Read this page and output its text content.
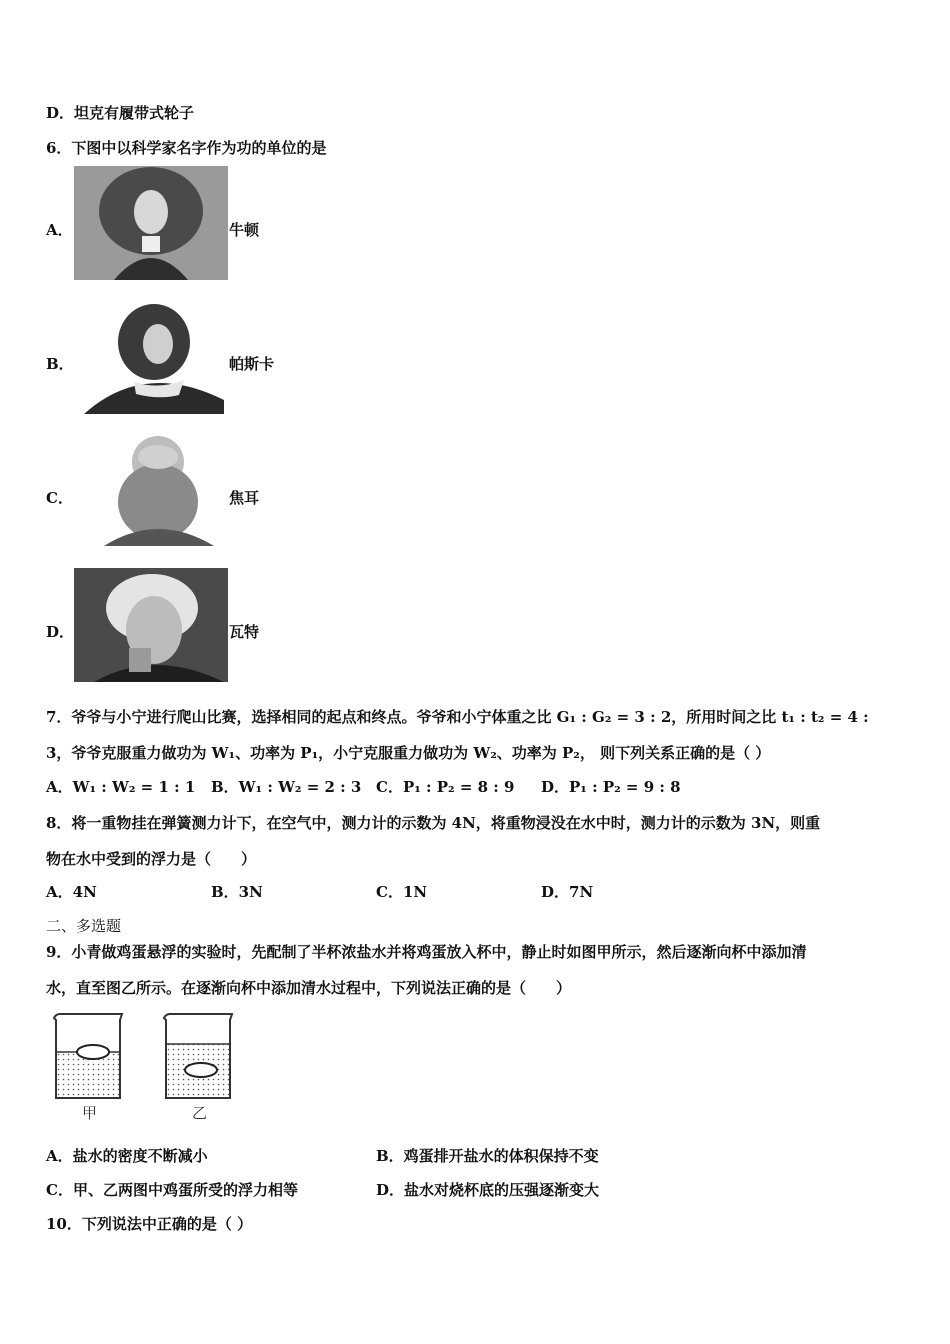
D．坦克有履带式轮子
6．下图中以科学家名字作为功的单位的是
A．	牛顿
B．	帕斯卡
C．	焦耳
D．	瓦特
7．爷爷与小宁进行爬山比赛，选择相同的起点和终点。爷爷和小宁体重之比 G₁ : G₂ = 3 : 2，所用时间之比 t₁ : t₂ = 4 :
3，爷爷克服重力做功为 W₁、功率为 P₁，小宁克服重力做功为 W₂、功率为 P₂， 则下列关系正确的是（ ）
A．W₁ : W₂ = 1 : 1 B．W₁ : W₂ = 2 : 3 C．P₁ : P₂ = 8 : 9 D．P₁ : P₂ = 9 : 8
8．将一重物挂在弹簧测力计下，在空气中，测力计的示数为 4N，将重物浸没在水中时，测力计的示数为 3N，则重
物在水中受到的浮力是（　　）
A．4N	B．3N	C．1N	D．7N
二、多选题
9．小青做鸡蛋悬浮的实验时，先配制了半杯浓盐水并将鸡蛋放入杯中，静止时如图甲所示，然后逐渐向杯中添加清
水，直至图乙所示。在逐渐向杯中添加清水过程中，下列说法正确的是（　　）
甲	乙
A．盐水的密度不断减小	B．鸡蛋排开盐水的体积保持不变
C．甲、乙两图中鸡蛋所受的浮力相等	D．盐水对烧杯底的压强逐渐变大
10．下列说法中正确的是（ ）
